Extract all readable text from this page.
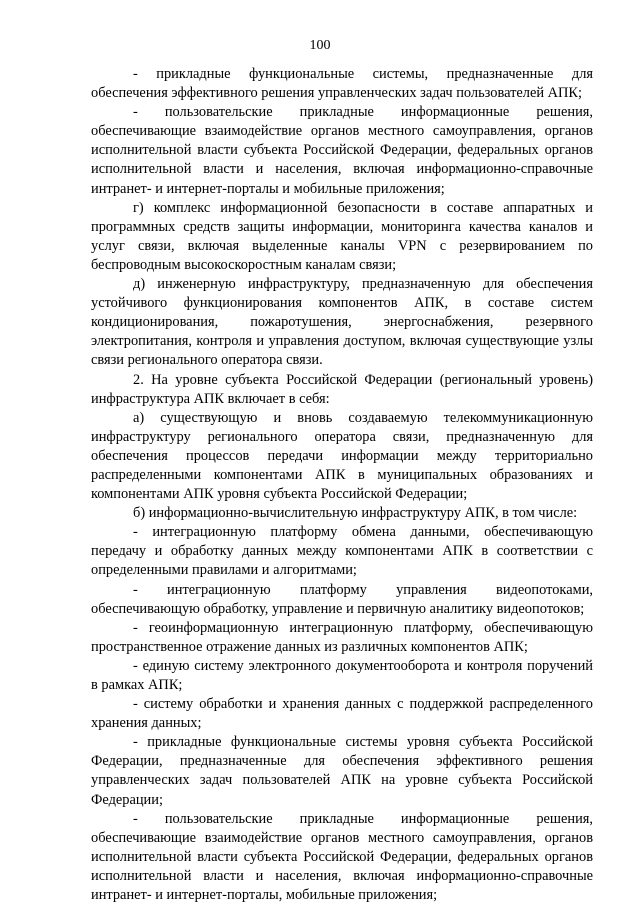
100

- прикладные функциональные системы, предназначенные для обеспечения эффективного решения управленческих задач пользователей АПК;

- пользовательские прикладные информационные решения, обеспечивающие взаимодействие органов местного самоуправления, органов исполнительной власти субъекта Российской Федерации, федеральных органов исполнительной власти и населения, включая информационно-справочные интранет- и интернет-порталы и мобильные приложения;

г) комплекс информационной безопасности в составе аппаратных и программных средств защиты информации, мониторинга качества каналов и услуг связи, включая выделенные каналы VPN с резервированием по беспроводным высокоскоростным каналам связи;

д) инженерную инфраструктуру, предназначенную для обеспечения устойчивого функционирования компонентов АПК, в составе систем кондиционирования, пожаротушения, энергоснабжения, резервного электропитания, контроля и управления доступом, включая существующие узлы связи регионального оператора связи.

2. На уровне субъекта Российской Федерации (региональный уровень) инфраструктура АПК включает в себя:

а) существующую и вновь создаваемую телекоммуникационную инфраструктуру регионального оператора связи, предназначенную для обеспечения процессов передачи информации между территориально распределенными компонентами АПК в муниципальных образованиях и компонентами АПК уровня субъекта Российской Федерации;

б) информационно-вычислительную инфраструктуру АПК, в том числе:

- интеграционную платформу обмена данными, обеспечивающую передачу и обработку данных между компонентами АПК в соответствии с определенными правилами и алгоритмами;

- интеграционную платформу управления видеопотоками, обеспечивающую обработку, управление и первичную аналитику видеопотоков;

- геоинформационную интеграционную платформу, обеспечивающую пространственное отражение данных из различных компонентов АПК;

- единую систему электронного документооборота и контроля поручений в рамках АПК;

- систему обработки и хранения данных с поддержкой распределенного хранения данных;

- прикладные функциональные системы уровня субъекта Российской Федерации, предназначенные для обеспечения эффективного решения управленческих задач пользователей АПК на уровне субъекта Российской Федерации;

- пользовательские прикладные информационные решения, обеспечивающие взаимодействие органов местного самоуправления, органов исполнительной власти субъекта Российской Федерации, федеральных органов исполнительной власти и населения, включая информационно-справочные интранет- и интернет-порталы, мобильные приложения;
